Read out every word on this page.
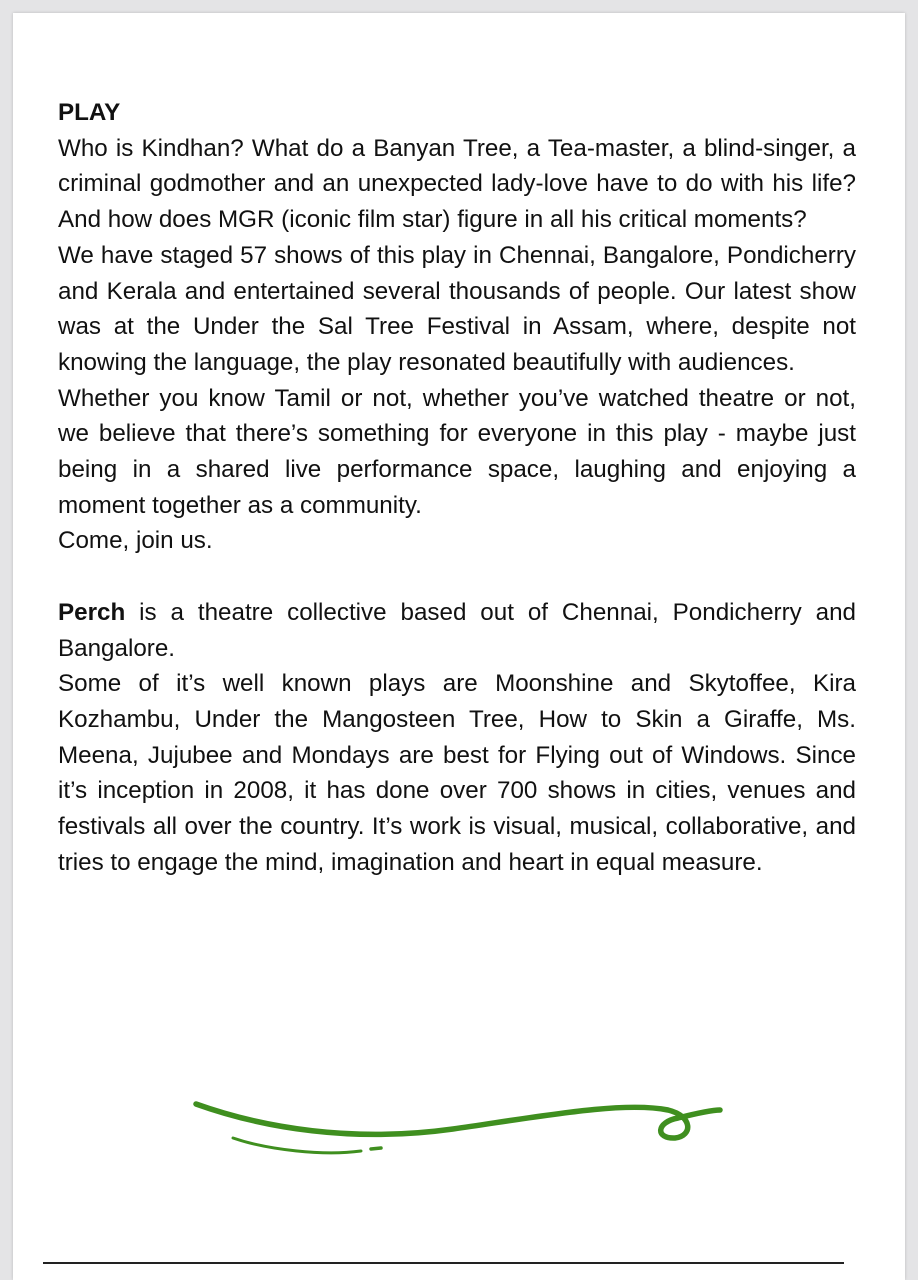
PLAY

Who is Kindhan? What do a Banyan Tree, a Tea-master, a blind-singer, a criminal godmother and an unexpected lady-love have to do with his life? And how does MGR (iconic film star) figure in all his critical moments?

We have staged 57 shows of this play in Chennai, Bangalore, Pondicherry and Kerala and entertained several thousands of people. Our latest show was at the Under the Sal Tree Festival in Assam, where, despite not knowing the language, the play resonated beautifully with audiences.

Whether you know Tamil or not, whether you’ve watched theatre or not, we believe that there’s something for everyone in this play - maybe just being in a shared live performance space, laughing and enjoying a moment together as a community.

Come, join us.

Perch is a theatre collective based out of Chennai, Pondicherry and Bangalore.

Some of it’s well known plays are Moonshine and Skytoffee, Kira Kozhambu, Under the Mangosteen Tree, How to Skin a Giraffe, Ms. Meena, Jujubee and Mondays are best for Flying out of Windows. Since it’s inception in 2008, it has done over 700 shows in cities, venues and festivals all over the country. It’s work is visual, musical, collaborative, and tries to engage the mind, imagination and heart in equal measure.
